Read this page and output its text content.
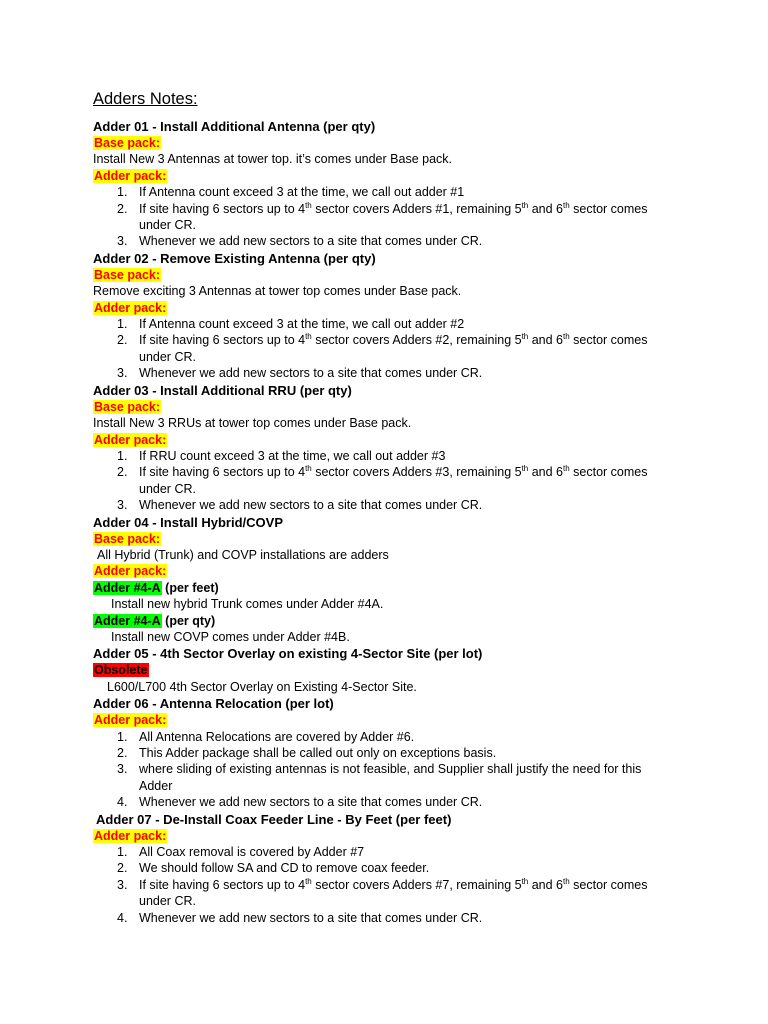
Adders Notes:
Adder 01 - Install Additional Antenna (per qty)
Base pack:
Install New 3 Antennas at tower top. it’s comes under Base pack.
Adder pack:
1. If Antenna count exceed 3 at the time, we call out adder #1
2. If site having 6 sectors up to 4th sector covers Adders #1, remaining 5th and 6th sector comes
under CR.
3. Whenever we add new sectors to a site that comes under CR.
Adder 02 - Remove Existing Antenna (per qty)
Base pack:
Remove exciting 3 Antennas at tower top comes under Base pack.
Adder pack:
1. If Antenna count exceed 3 at the time, we call out adder #2
2. If site having 6 sectors up to 4th sector covers Adders #2, remaining 5th and 6th sector comes
under CR.
3. Whenever we add new sectors to a site that comes under CR.
Adder 03 - Install Additional RRU (per qty)
Base pack:
Install New 3 RRUs at tower top comes under Base pack.
Adder pack:
1. If RRU count exceed 3 at the time, we call out adder #3
2. If site having 6 sectors up to 4th sector covers Adders #3, remaining 5th and 6th sector comes
under CR.
3. Whenever we add new sectors to a site that comes under CR.
Adder 04 - Install Hybrid/COVP
Base pack:
All Hybrid (Trunk) and COVP installations are adders
Adder pack:
Adder #4-A (per feet)
Install new hybrid Trunk comes under Adder #4A.
Adder #4-A (per qty)
Install new COVP comes under Adder #4B.
Adder 05 - 4th Sector Overlay on existing 4-Sector Site (per lot)
Obsolete
L600/L700 4th Sector Overlay on Existing 4-Sector Site.
Adder 06 - Antenna Relocation (per lot)
Adder pack:
1. All Antenna Relocations are covered by Adder #6.
2. This Adder package shall be called out only on exceptions basis.
3. where sliding of existing antennas is not feasible, and Supplier shall justify the need for this
Adder
4. Whenever we add new sectors to a site that comes under CR.
Adder 07 - De-Install Coax Feeder Line - By Feet (per feet)
Adder pack:
1. All Coax removal is covered by Adder #7
2. We should follow SA and CD to remove coax feeder.
3. If site having 6 sectors up to 4th sector covers Adders #7, remaining 5th and 6th sector comes
under CR.
4. Whenever we add new sectors to a site that comes under CR.
